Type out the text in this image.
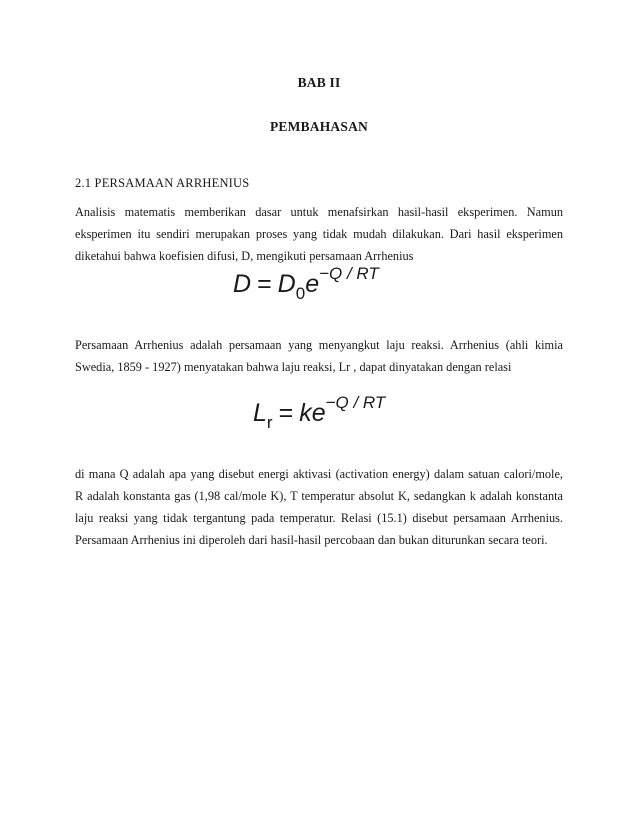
BAB II
PEMBAHASAN
2.1 PERSAMAAN ARRHENIUS
Analisis matematis memberikan dasar untuk menafsirkan hasil-hasil eksperimen. Namun
eksperimen itu sendiri merupakan proses yang tidak mudah dilakukan. Dari hasil eksperimen
diketahui bahwa koefisien difusi, D, mengikuti persamaan Arrhenius
D = D0e−Q / RT
Persamaan Arrhenius adalah persamaan yang menyangkut laju reaksi. Arrhenius (ahli kimia
Swedia, 1859 - 1927) menyatakan bahwa laju reaksi, Lr , dapat dinyatakan dengan relasi
Lr = ke−Q / RT
di mana Q adalah apa yang disebut energi aktivasi (activation energy) dalam satuan calori/mole,
R adalah konstanta gas (1,98 cal/mole K), T temperatur absolut K, sedangkan k adalah konstanta
laju reaksi yang tidak tergantung pada temperatur. Relasi (15.1) disebut persamaan Arrhenius.
Persamaan Arrhenius ini diperoleh dari hasil-hasil percobaan dan bukan diturunkan secara teori.
